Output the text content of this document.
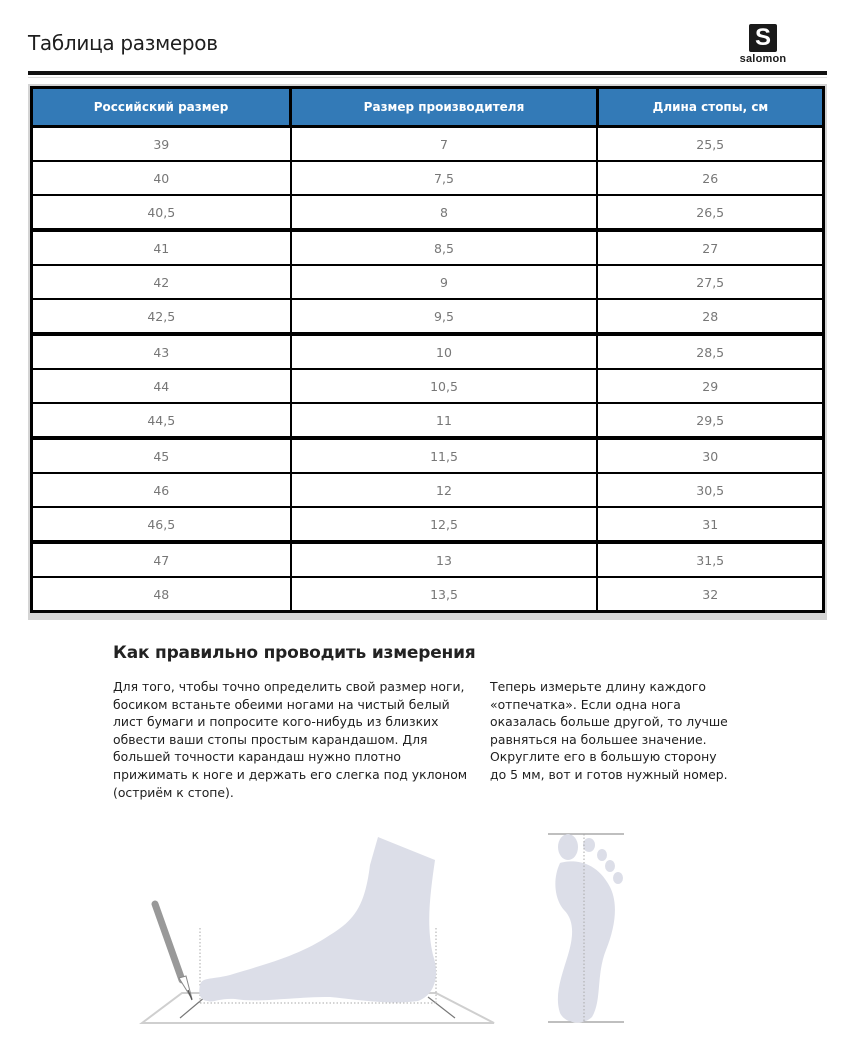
Таблица размеров	S
salomon
Российский размер	Размер производителя	Длина стопы, см
39	7	25,5
40	7,5	26
40,5	8	26,5
41	8,5	27
42	9	27,5
42,5	9,5	28
43	10	28,5
44	10,5	29
44,5	11	29,5
45	11,5	30
46	12	30,5
46,5	12,5	31
47	13	31,5
48	13,5	32
Как правильно проводить измерения
Для того, чтобы точно определить свой размер ноги, босиком встаньте обеими ногами на чистый белый лист бумаги и попросите кого-нибудь из близких обвести ваши стопы простым карандашом. Для большей точности карандаш нужно плотно прижимать к ноге и держать его слегка под уклоном (остриём к стопе).
Теперь измерьте длину каждого «отпечатка». Если одна нога оказалась больше другой, то лучше равняться на большее значение. Округлите его в большую сторону до 5 мм, вот и готов нужный номер.
